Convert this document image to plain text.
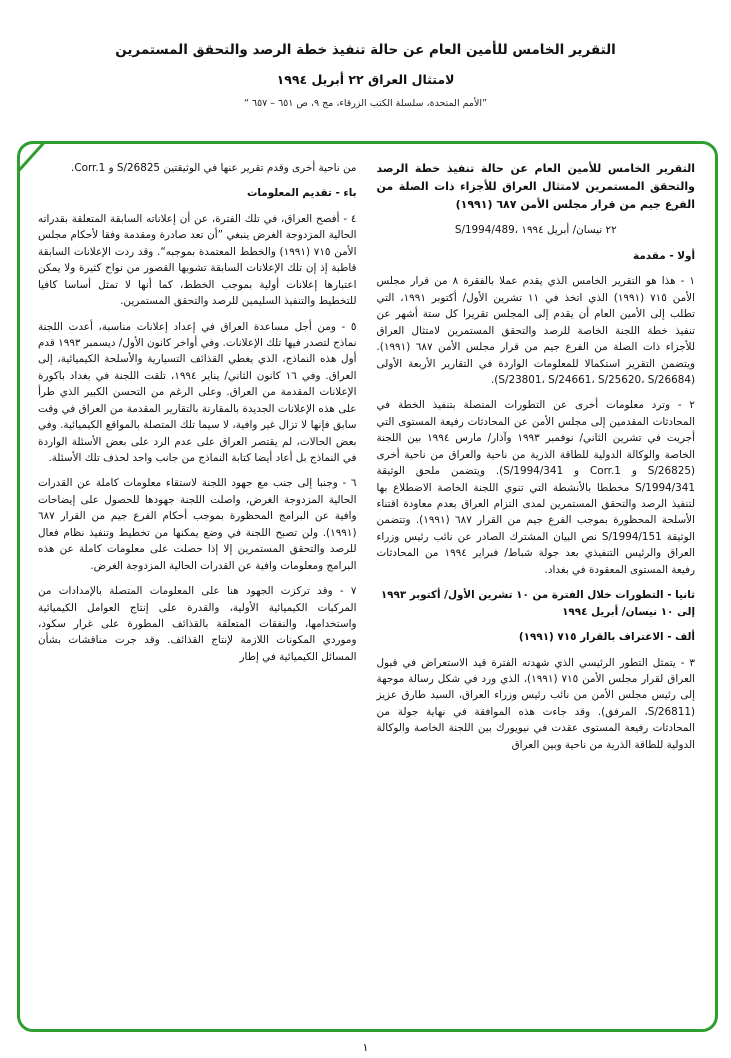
التقرير الخامس للأمين العام عن حالة تنفيذ خطة الرصد والتحقق المستمرين
لامتثال العراق ٢٢ أبريل ١٩٩٤
”الأمم المتحدة، سلسلة الكتب الزرقاء، مج ٩، ص ٦٥١ – ٦٥٧ “

التقرير الخامس للأمين العام عن حالة تنفيذ خطة الرصد والتحقق المستمرين لامتثال العراق للأجزاء ذات الصلة من الفرع جيم من قرار مجلس الأمن ٦٨٧ (١٩٩١)

S/1994/489، ٢٢ نيسان/ أبريل ١٩٩٤

أولا - مقدمة

١ - هذا هو التقرير الخامس الذي يقدم عملا بالفقرة ٨ من قرار مجلس الأمن ٧١٥ (١٩٩١) الذي اتخذ في ١١ تشرين الأول/ أكتوبر ١٩٩١، التي تطلب إلى الأمين العام أن يقدم إلى المجلس تقريرا كل ستة أشهر عن تنفيذ خطة اللجنة الخاصة للرصد والتحقق المستمرين لامتثال العراق للأجزاء ذات الصلة من الفرع جيم من قرار مجلس الأمن ٦٨٧ (١٩٩١). ويتضمن التقرير استكمالا للمعلومات الواردة في التقارير الأربعة الأولى (S/23801، S/24661، S/25620، S/26684).

٢ - وترد معلومات أخرى عن التطورات المتصلة بتنفيذ الخطة في المحادثات المقدمين إلى مجلس الأمن عن المحادثات رفيعة المستوى التي أجريت في تشرين الثاني/ نوفمبر ١٩٩٣ وآذار/ مارس ١٩٩٤ بين اللجنة الخاصة والوكالة الدولية للطاقة الذرية من ناحية والعراق من ناحية أخرى (S/26825 و Corr.1 و S/1994/341). ويتضمن ملحق الوثيقة S/1994/341 مخططا بالأنشطة التي تنوي اللجنة الخاصة الاضطلاع بها لتنفيذ الرصد والتحقق المستمرين لمدى التزام العراق بعدم معاودة اقتناء الأسلحة المحظورة بموجب الفرع جيم من القرار ٦٨٧ (١٩٩١). وتتضمن الوثيقة S/1994/151 نص البيان المشترك الصادر عن نائب رئيس وزراء العراق والرئيس التنفيذي بعد جولة شباط/ فبراير ١٩٩٤ من المحادثات رفيعة المستوى المعقودة في بغداد.

ثانيا - التطورات خلال الفترة من ١٠ تشرين الأول/ أكتوبر ١٩٩٣ إلى ١٠ نيسان/ أبريل ١٩٩٤

ألف - الاعتراف بالقرار ٧١٥ (١٩٩١)

٣ - يتمثل التطور الرئيسي الذي شهدته الفترة قيد الاستعراض في قبول العراق لقرار مجلس الأمن ٧١٥ (١٩٩١)، الذي ورد في شكل رسالة موجهة إلى رئيس مجلس الأمن من نائب رئيس وزراء العراق، السيد طارق عزيز (S/26811، المرفق). وقد جاءت هذه الموافقة في نهاية جولة من المحادثات رفيعة المستوى عقدت في نيويورك بين اللجنة الخاصة والوكالة الدولية للطاقة الذرية من ناحية وبين العراق

من ناحية أخرى وقدم تقرير عنها في الوثيقتين S/26825 و Corr.1.

باء - تقديم المعلومات

٤ - أفصح العراق، في تلك الفترة، عن أن إعلاناته السابقة المتعلقة بقدراته الحالية المزدوجة الغرض ينبغي ”أن تعد صادرة ومقدمة وفقا لأحكام مجلس الأمن ٧١٥ (١٩٩١) والخطط المعتمدة بموجبه“. وقد ردت الإعلانات السابقة قاطبة إذ إن تلك الإعلانات السابقة تشوبها القصور من نواح كثيرة ولا يمكن اعتبارها إعلانات أولية بموجب الخطط، كما أنها لا تمثل أساسا كافيا للتخطيط والتنفيذ السليمين للرصد والتحقق المستمرين.

٥ - ومن أجل مساعدة العراق في إعداد إعلانات مناسبة، أعدت اللجنة نماذج لتصدر فيها تلك الإعلانات. وفي أواخر كانون الأول/ ديسمبر ١٩٩٣ قدم أول هذه النماذج، الذي يغطي القذائف التسيارية والأسلحة الكيميائية، إلى العراق. وفي ١٦ كانون الثاني/ يناير ١٩٩٤، تلقت اللجنة في بغداد باكورة الإعلانات المقدمة من العراق. وعلى الرغم من التحسن الكبير الذي طرأ على هذه الإعلانات الجديدة بالمقارنة بالتقارير المقدمة من العراق في وقت سابق فإنها لا تزال غير وافية، لا سيما تلك المتصلة بالمواقع الكيميائية. وفي بعض الحالات، لم يقتصر العراق على عدم الرد على بعض الأسئلة الواردة في النماذج بل أعاد أيضا كتابة النماذج من جانب واحد لحذف تلك الأسئلة.

٦ - وجنبا إلى جنب مع جهود اللجنة لاستقاء معلومات كاملة عن القدرات الحالية المزدوجة الغرض، واصلت اللجنة جهودها للحصول على إيضاحات وافية عن البرامج المحظورة بموجب أحكام الفرع جيم من القرار ٦٨٧ (١٩٩١). ولن تصبح اللجنة في وضع يمكنها من تخطيط وتنفيذ نظام فعال للرصد والتحقق المستمرين إلا إذا حصلت على معلومات كاملة عن هذه البرامج ومعلومات وافية عن القدرات الحالية المزدوجة الغرض.

٧ - وقد تركزت الجهود هنا على المعلومات المتصلة بالإمدادات من المركبات الكيميائية الأولية، والقدرة على إنتاج العوامل الكيميائية واستخدامها، والنفقات المتعلقة بالقذائف المطورة على غرار سكود، وموردي المكونات اللازمة لإنتاج القذائف. وقد جرت مناقشات بشأن المسائل الكيميائية في إطار

١
